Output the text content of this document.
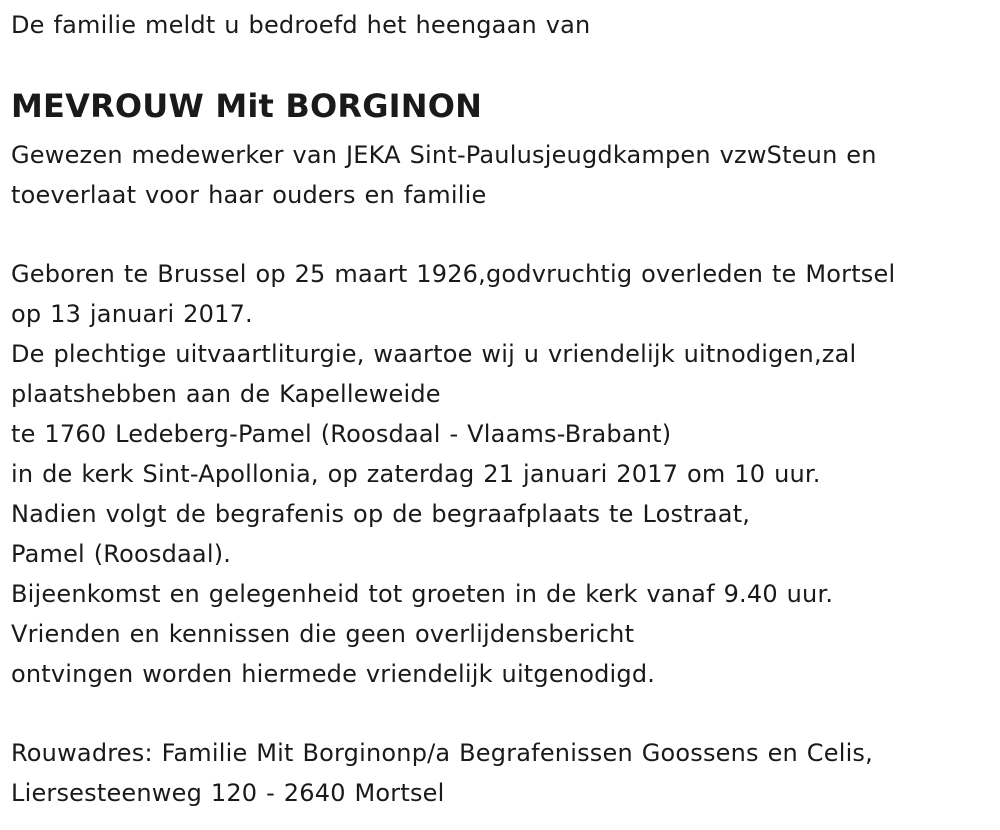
De familie meldt u bedroefd het heengaan van
MEVROUW Mit BORGINON
Gewezen medewerker van JEKA Sint-Paulusjeugdkampen vzwSteun en
toeverlaat voor haar ouders en familie
Geboren te Brussel op 25 maart 1926,godvruchtig overleden te Mortsel
op 13 januari 2017.
De plechtige uitvaartliturgie, waartoe wij u vriendelijk uitnodigen,zal
plaatshebben aan de Kapelleweide
te 1760 Ledeberg-Pamel (Roosdaal - Vlaams-Brabant)
in de kerk Sint-Apollonia, op zaterdag 21 januari 2017 om 10 uur.
Nadien volgt de begrafenis op de begraafplaats te Lostraat,
Pamel (Roosdaal).
Bijeenkomst en gelegenheid tot groeten in de kerk vanaf 9.40 uur.
Vrienden en kennissen die geen overlijdensbericht
ontvingen worden hiermede vriendelijk uitgenodigd.
Rouwadres: Familie Mit Borginonp/a Begrafenissen Goossens en Celis,
Liersesteenweg 120 - 2640 Mortsel
